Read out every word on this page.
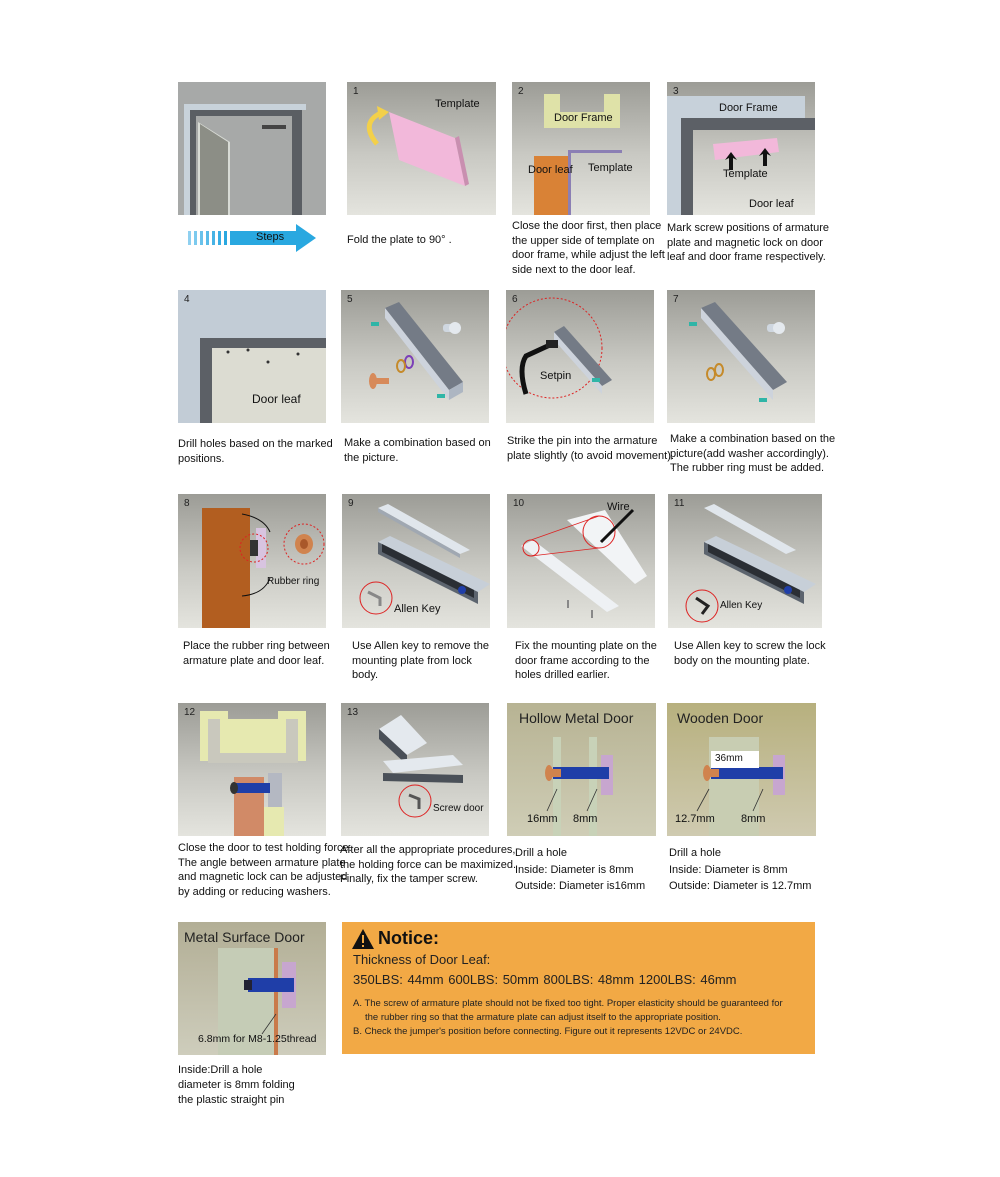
Steps
1
Template
Fold the plate to 90° .
2
Door Frame
Door leaf Template
Close the door first, then place
the upper side of template on
door frame, while adjust the left
side next to the door leaf.
3
Door Frame
Template
Door leaf
Mark screw positions of armature
plate and magnetic lock on door
leaf and door frame respectively.
4
Door leaf
Drill holes based on the marked
positions.
5
Make a combination based on
the picture.
6
Setpin
Strike the pin into the armature
plate slightly (to avoid movement).
7
Make a combination based on the
picture(add washer accordingly).
The rubber ring must be added.
8
Rubber ring
Place the rubber ring between
armature plate and door leaf.
9
Allen Key
Use Allen key to remove the
mounting plate from lock
body.
10	Wire
Fix the mounting plate on the
door frame according to the
holes drilled earlier.
11
Allen Key
Use Allen key to screw the lock
body on the mounting plate.
12
Close the door to test holding force.
The angle between armature plate
and magnetic lock can be adjusted
by adding or reducing washers.
13
Screw door
After all the appropriate procedures,
the holding force can be maximized.
Finally, fix the tamper screw.
Hollow Metal Door
16mm 8mm
Drill a hole
Inside: Diameter is 8mm
Outside: Diameter is16mm
Wooden Door
36mm
12.7mm 8mm
Drill a hole
Inside: Diameter is 8mm
Outside: Diameter is 12.7mm
Metal Surface Door
6.8mm for M8-1.25thread
Inside:Drill a hole
diameter is 8mm folding
the plastic straight pin
Notice:
Thickness of Door Leaf:
350LBS: 44mm 600LBS: 50mm 800LBS: 48mm 1200LBS: 46mm
A. The screw of armature plate should not be fixed too tight. Proper elasticity should be guaranteed for
the rubber ring so that the armature plate can adjust itself to the appropriate position.
B. Check the jumper's position before connecting. Figure out it represents 12VDC or 24VDC.
